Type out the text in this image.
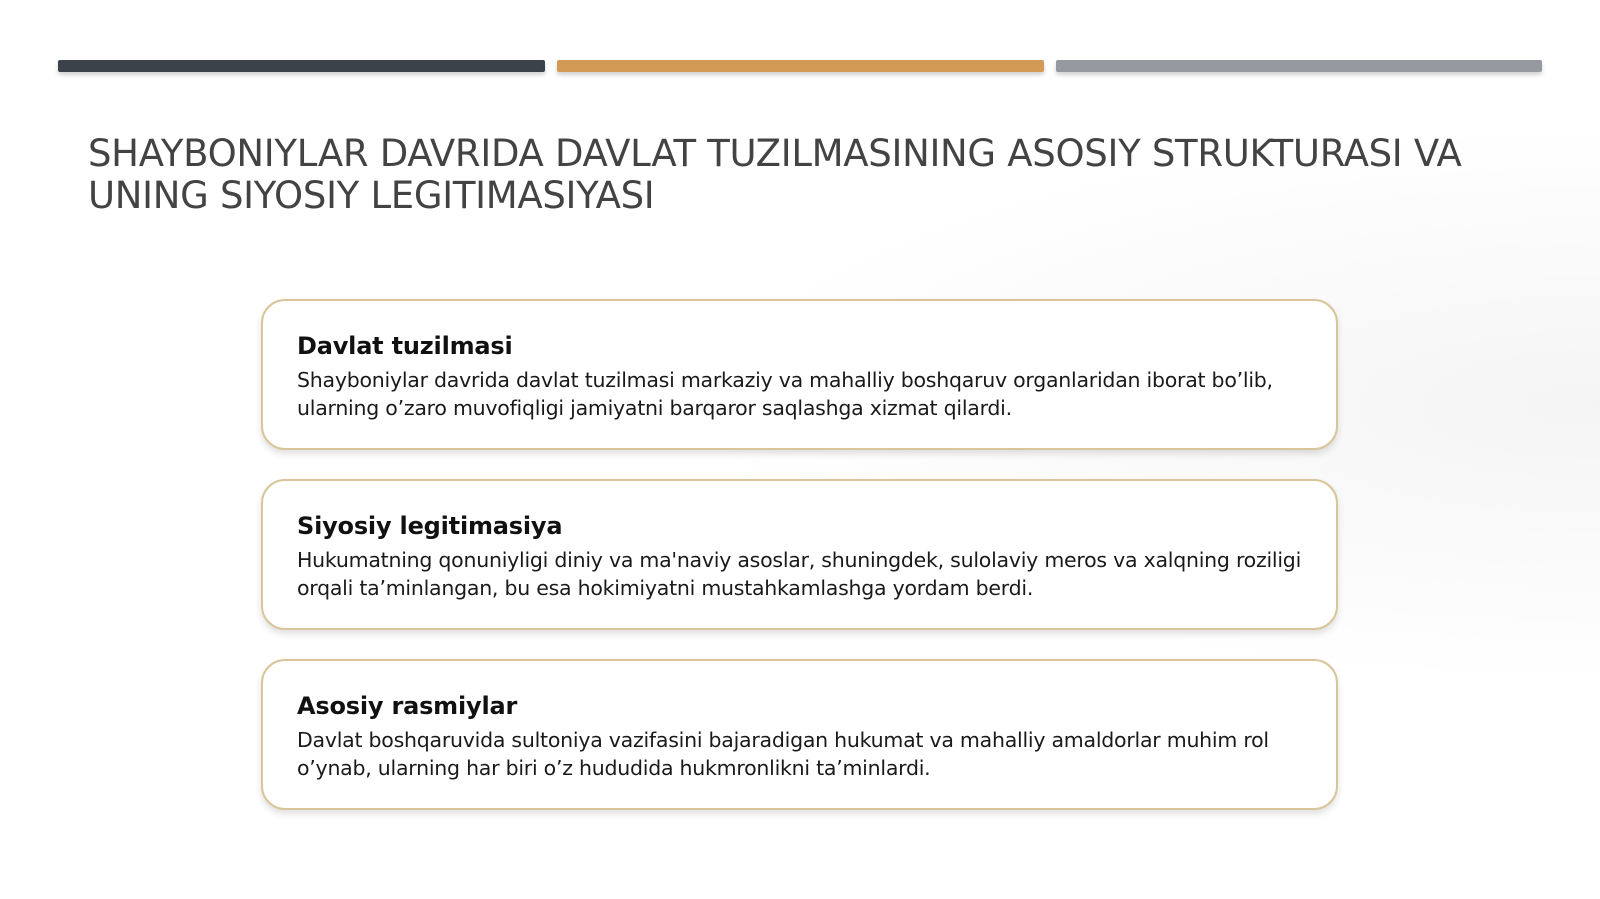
SHAYBONIYLAR DAVRIDA DAVLAT TUZILMASINING ASOSIY STRUKTURASI VA UNING SIYOSIY LEGITIMASIYASI
Davlat tuzilmasi

Shayboniylar davrida davlat tuzilmasi markaziy va mahalliy boshqaruv organlaridan iborat bo’lib, ularning o’zaro muvofiqligi jamiyatni barqaror saqlashga xizmat qilardi.

Siyosiy legitimasiya

Hukumatning qonuniyligi diniy va ma'naviy asoslar, shuningdek, sulolaviy meros va xalqning roziligi orqali ta’minlangan, bu esa hokimiyatni mustahkamlashga yordam berdi.

Asosiy rasmiylar

Davlat boshqaruvida sultoniya vazifasini bajaradigan hukumat va mahalliy amaldorlar muhim rol o’ynab, ularning har biri o’z hududida hukmronlikni ta’minlardi.
